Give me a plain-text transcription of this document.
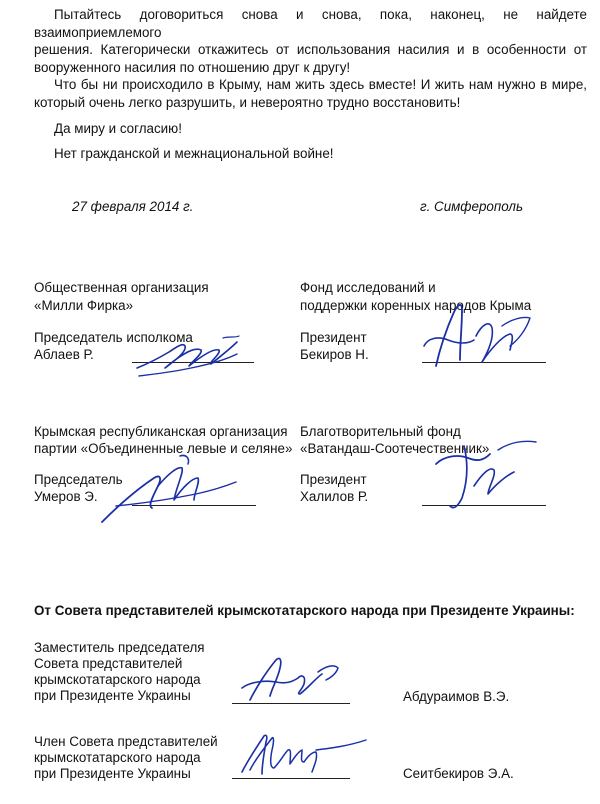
Пытайтесь договориться снова и снова, пока, наконец, не найдете взаимоприемлемого

решения. Категорически откажитесь от использования насилия и в особенности от

вооруженного насилия по отношению друг к другу!

Что бы ни происходило в Крыму, нам жить здесь вместе! И жить нам нужно в мире,

который очень легко разрушить, и невероятно трудно восстановить!

Да миру и согласию!
Нет гражданской и межнациональной войне!
27 февраля 2014 г.	г. Симферополь
Общественная организация
«Милли Фирка»
Председатель исполкома
Аблаев Р.
Фонд исследований и
поддержки коренных народов Крыма
Президент
Бекиров Н.
Крымская республиканская организация
партии «Объединенные левые и селяне»
Председатель
Умеров Э.
Благотворительный фонд
«Ватандаш-Соотечественник»
Президент
Халилов Р.
От Совета представителей крымскотатарского народа при Президенте Украины:
Заместитель председателя
Совета представителей
крымскотатарского народа
при Президенте Украины	Абдураимов В.Э.
Член Совета представителей
крымскотатарского народа
при Президенте Украины	Сеитбекиров Э.А.
